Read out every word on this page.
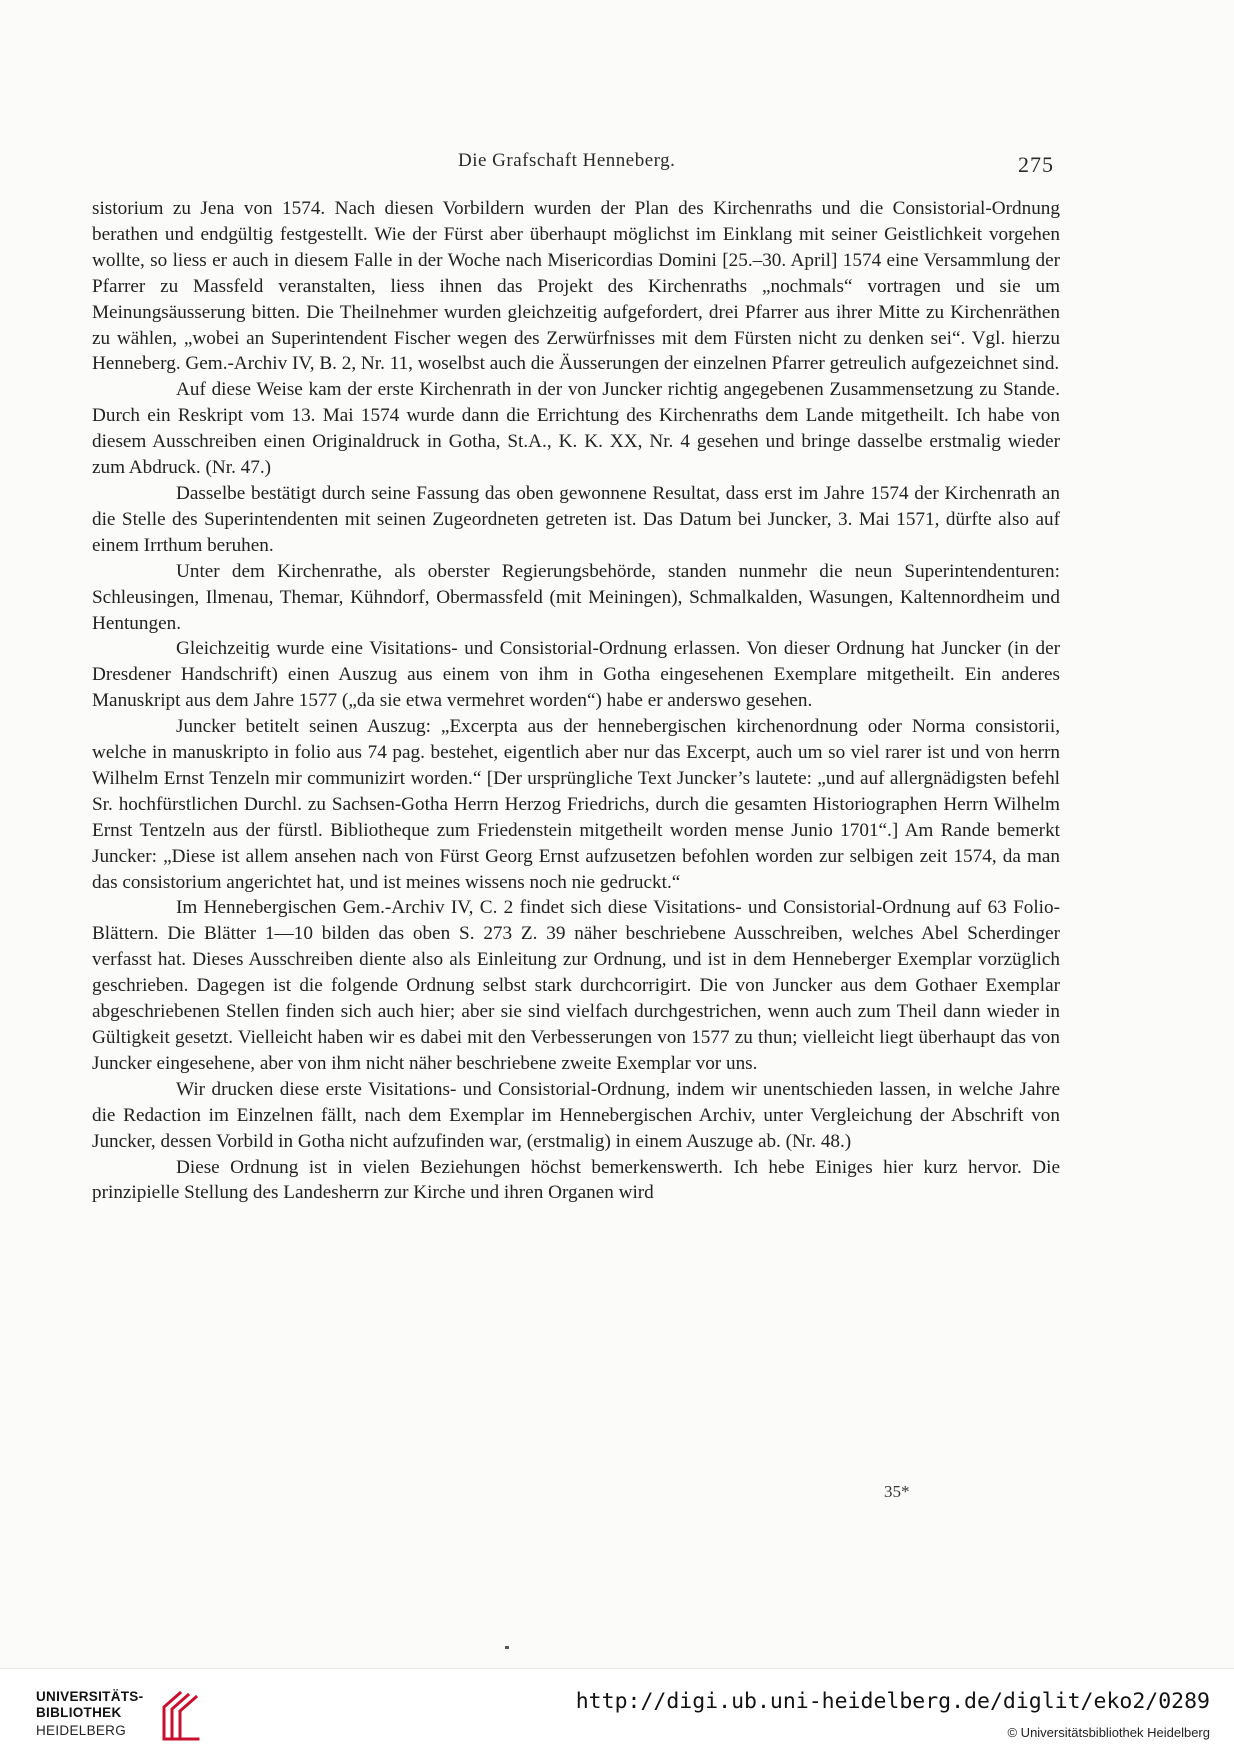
Die Grafschaft Henneberg.	275

sistorium zu Jena von 1574. Nach diesen Vorbildern wurden der Plan des Kirchenraths und die Consistorial-Ordnung berathen und endgültig festgestellt. Wie der Fürst aber überhaupt möglichst im Einklang mit seiner Geistlichkeit vorgehen wollte, so liess er auch in diesem Falle in der Woche nach Misericordias Domini [25.–30. April] 1574 eine Versammlung der Pfarrer zu Massfeld veranstalten, liess ihnen das Projekt des Kirchenraths „nochmals“ vortragen und sie um Meinungsäusserung bitten. Die Theilnehmer wurden gleichzeitig aufgefordert, drei Pfarrer aus ihrer Mitte zu Kirchenräthen zu wählen, „wobei an Superintendent Fischer wegen des Zerwürfnisses mit dem Fürsten nicht zu denken sei“. Vgl. hierzu Henneberg. Gem.-Archiv IV, B. 2, Nr. 11, woselbst auch die Äusserungen der einzelnen Pfarrer getreulich aufgezeichnet sind.

Auf diese Weise kam der erste Kirchenrath in der von Juncker richtig angegebenen Zusammensetzung zu Stande. Durch ein Reskript vom 13. Mai 1574 wurde dann die Errichtung des Kirchenraths dem Lande mitgetheilt. Ich habe von diesem Ausschreiben einen Originaldruck in Gotha, St.A., K. K. XX, Nr. 4 gesehen und bringe dasselbe erstmalig wieder zum Abdruck. (Nr. 47.)

Dasselbe bestätigt durch seine Fassung das oben gewonnene Resultat, dass erst im Jahre 1574 der Kirchenrath an die Stelle des Superintendenten mit seinen Zugeordneten getreten ist. Das Datum bei Juncker, 3. Mai 1571, dürfte also auf einem Irrthum beruhen.

Unter dem Kirchenrathe, als oberster Regierungsbehörde, standen nunmehr die neun Superintendenturen: Schleusingen, Ilmenau, Themar, Kühndorf, Obermassfeld (mit Meiningen), Schmalkalden, Wasungen, Kaltennordheim und Hentungen.

Gleichzeitig wurde eine Visitations- und Consistorial-Ordnung erlassen. Von dieser Ordnung hat Juncker (in der Dresdener Handschrift) einen Auszug aus einem von ihm in Gotha eingesehenen Exemplare mitgetheilt. Ein anderes Manuskript aus dem Jahre 1577 („da sie etwa vermehret worden“) habe er anderswo gesehen.

Juncker betitelt seinen Auszug: „Excerpta aus der hennebergischen kirchenordnung oder Norma consistorii, welche in manuskripto in folio aus 74 pag. bestehet, eigentlich aber nur das Excerpt, auch um so viel rarer ist und von herrn Wilhelm Ernst Tenzeln mir communizirt worden.“ [Der ursprüngliche Text Juncker’s lautete: „und auf allergnädigsten befehl Sr. hochfürstlichen Durchl. zu Sachsen-Gotha Herrn Herzog Friedrichs, durch die gesamten Historiographen Herrn Wilhelm Ernst Tentzeln aus der fürstl. Bibliotheque zum Friedenstein mitgetheilt worden mense Junio 1701“.] Am Rande bemerkt Juncker: „Diese ist allem ansehen nach von Fürst Georg Ernst aufzusetzen befohlen worden zur selbigen zeit 1574, da man das consistorium angerichtet hat, und ist meines wissens noch nie gedruckt.“

Im Hennebergischen Gem.-Archiv IV, C. 2 findet sich diese Visitations- und Consistorial-Ordnung auf 63 Folio-Blättern. Die Blätter 1—10 bilden das oben S. 273 Z. 39 näher beschriebene Ausschreiben, welches Abel Scherdinger verfasst hat. Dieses Ausschreiben diente also als Einleitung zur Ordnung, und ist in dem Henneberger Exemplar vorzüglich geschrieben. Dagegen ist die folgende Ordnung selbst stark durchcorrigirt. Die von Juncker aus dem Gothaer Exemplar abgeschriebenen Stellen finden sich auch hier; aber sie sind vielfach durchgestrichen, wenn auch zum Theil dann wieder in Gültigkeit gesetzt. Vielleicht haben wir es dabei mit den Verbesserungen von 1577 zu thun; vielleicht liegt überhaupt das von Juncker eingesehene, aber von ihm nicht näher beschriebene zweite Exemplar vor uns.

Wir drucken diese erste Visitations- und Consistorial-Ordnung, indem wir unentschieden lassen, in welche Jahre die Redaction im Einzelnen fällt, nach dem Exemplar im Hennebergischen Archiv, unter Vergleichung der Abschrift von Juncker, dessen Vorbild in Gotha nicht aufzufinden war, (erstmalig) in einem Auszuge ab. (Nr. 48.)

Diese Ordnung ist in vielen Beziehungen höchst bemerkenswerth. Ich hebe Einiges hier kurz hervor. Die prinzipielle Stellung des Landesherrn zur Kirche und ihren Organen wird

35*
UNIVERSITÄTS-
BIBLIOTHEK
HEIDELBERG
http://digi.ub.uni-heidelberg.de/diglit/eko2/0289
© Universitätsbibliothek Heidelberg
